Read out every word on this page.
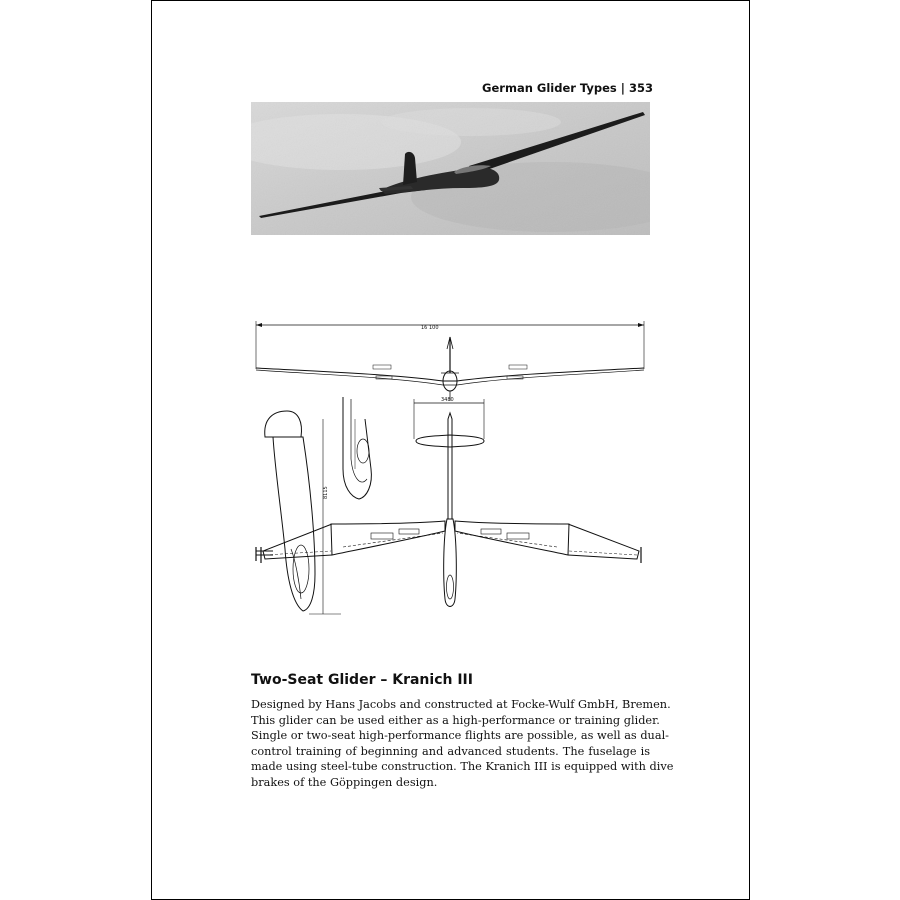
German Glider Types | 353
16 100
3480
8115
Two-Seat Glider – Kranich III
Designed by Hans Jacobs and constructed at Focke-Wulf GmbH, Bremen.
This glider can be used either as a high-performance or training glider.
Single or two-seat high-performance flights are possible, as well as dual-
control training of beginning and advanced students. The fuselage is
made using steel-tube construction. The Kranich III is equipped with dive
brakes of the Göppingen design.
